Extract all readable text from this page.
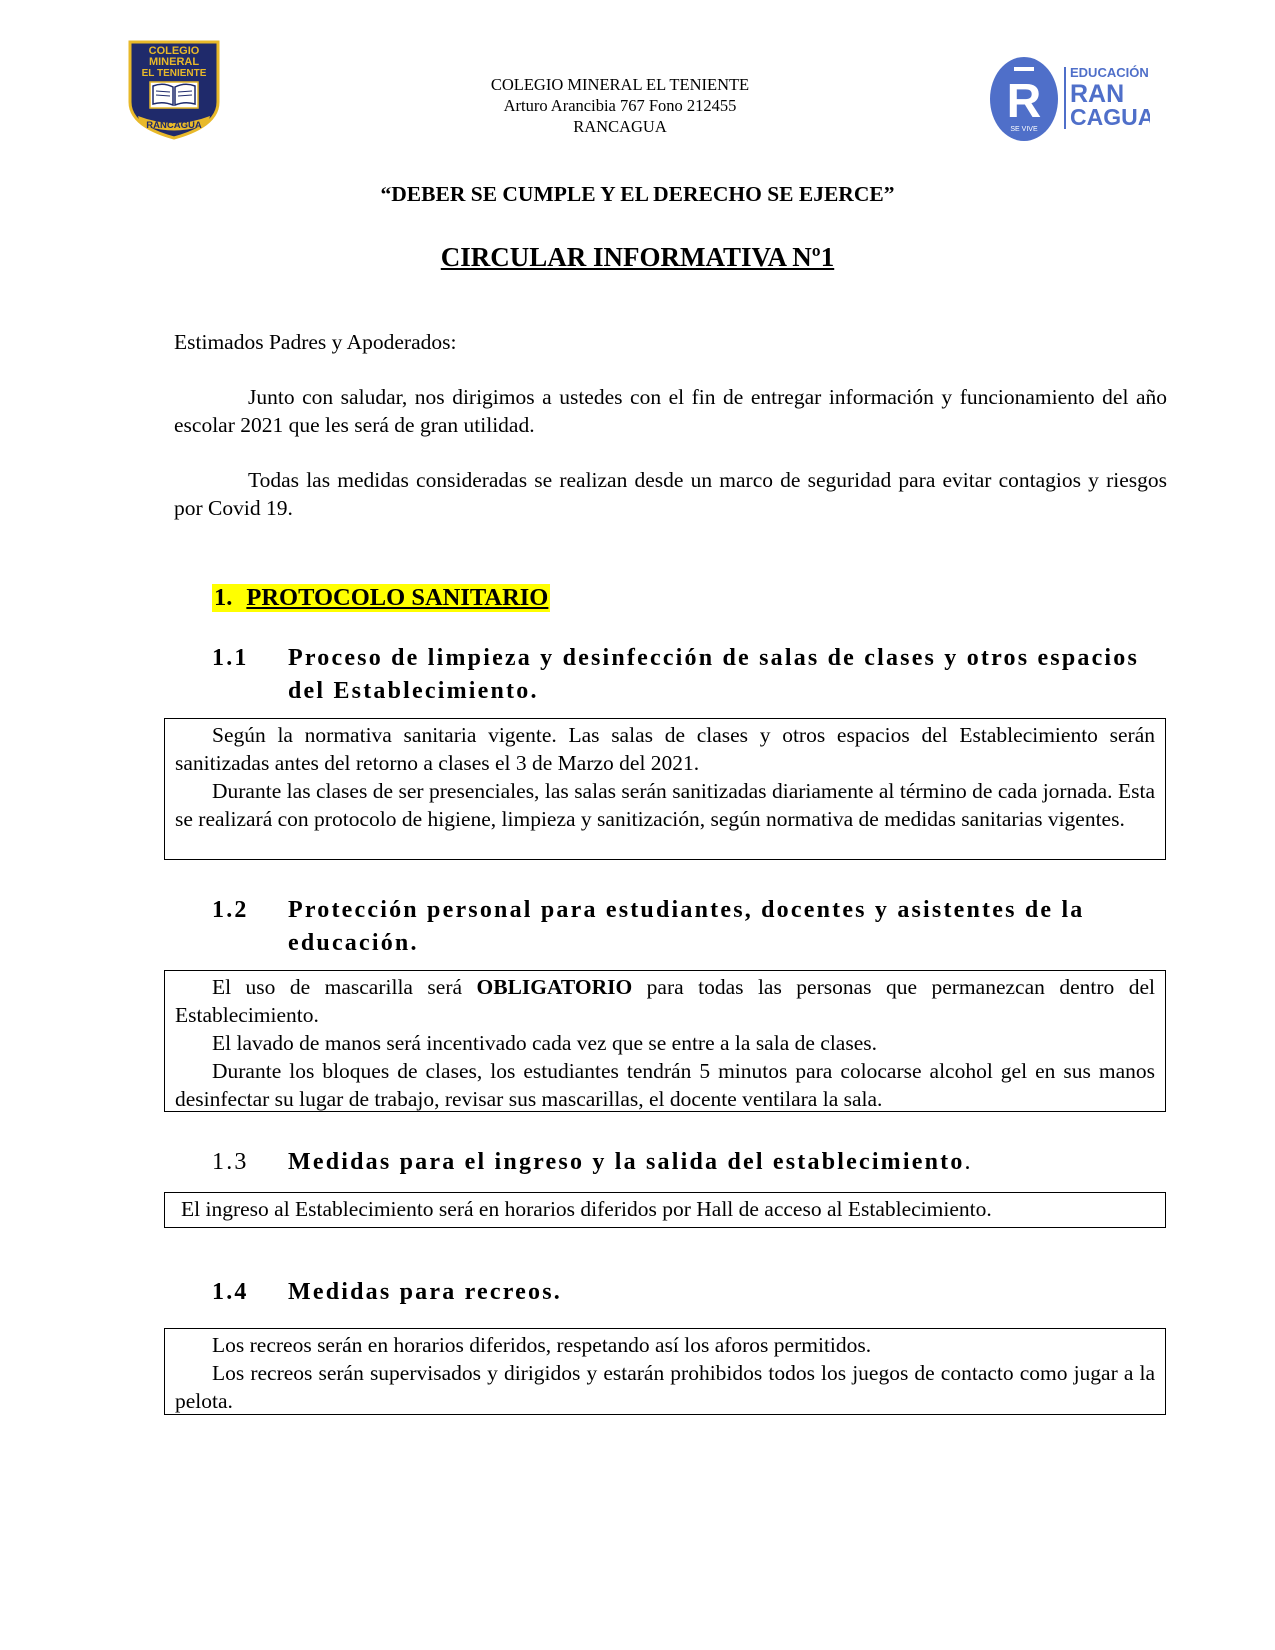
COLEGIO
MINERAL
EL TENIENTE
RANCAGUA
COLEGIO MINERAL EL TENIENTE
Arturo Arancibia 767 Fono 212455
RANCAGUA	R
SE VIVE
EDUCACIÓN
RAN
CAGUA
“DEBER SE CUMPLE Y EL DERECHO SE EJERCE”
CIRCULAR INFORMATIVA Nº1
Estimados Padres y Apoderados:
Junto con saludar, nos dirigimos a ustedes con el fin de entregar información y funcionamiento del año escolar 2021 que les será de gran utilidad.
Todas las medidas consideradas se realizan desde un marco de seguridad para evitar contagios y riesgos por Covid 19.
1. PROTOCOLO SANITARIO
1.1	Proceso de limpieza y desinfección de salas de clases y otros espacios del Establecimiento.

Según la normativa sanitaria vigente. Las salas de clases y otros espacios del Establecimiento serán sanitizadas antes del retorno a clases el 3 de Marzo del 2021.

Durante las clases de ser presenciales, las salas serán sanitizadas diariamente al término de cada jornada. Esta se realizará con protocolo de higiene, limpieza y sanitización, según normativa de medidas sanitarias vigentes.

1.2	Protección personal para estudiantes, docentes y asistentes de la educación.

El uso de mascarilla será OBLIGATORIO para todas las personas que permanezcan dentro del Establecimiento.

El lavado de manos será incentivado cada vez que se entre a la sala de clases.

Durante los bloques de clases, los estudiantes tendrán 5 minutos para colocarse alcohol gel en sus manos desinfectar su lugar de trabajo, revisar sus mascarillas, el docente ventilara la sala.

1.3	Medidas para el ingreso y la salida del establecimiento.

El ingreso al Establecimiento será en horarios diferidos por Hall de acceso al Establecimiento.

1.4	Medidas para recreos.

Los recreos serán en horarios diferidos, respetando así los aforos permitidos.

Los recreos serán supervisados y dirigidos y estarán prohibidos todos los juegos de contacto como jugar a la pelota.
